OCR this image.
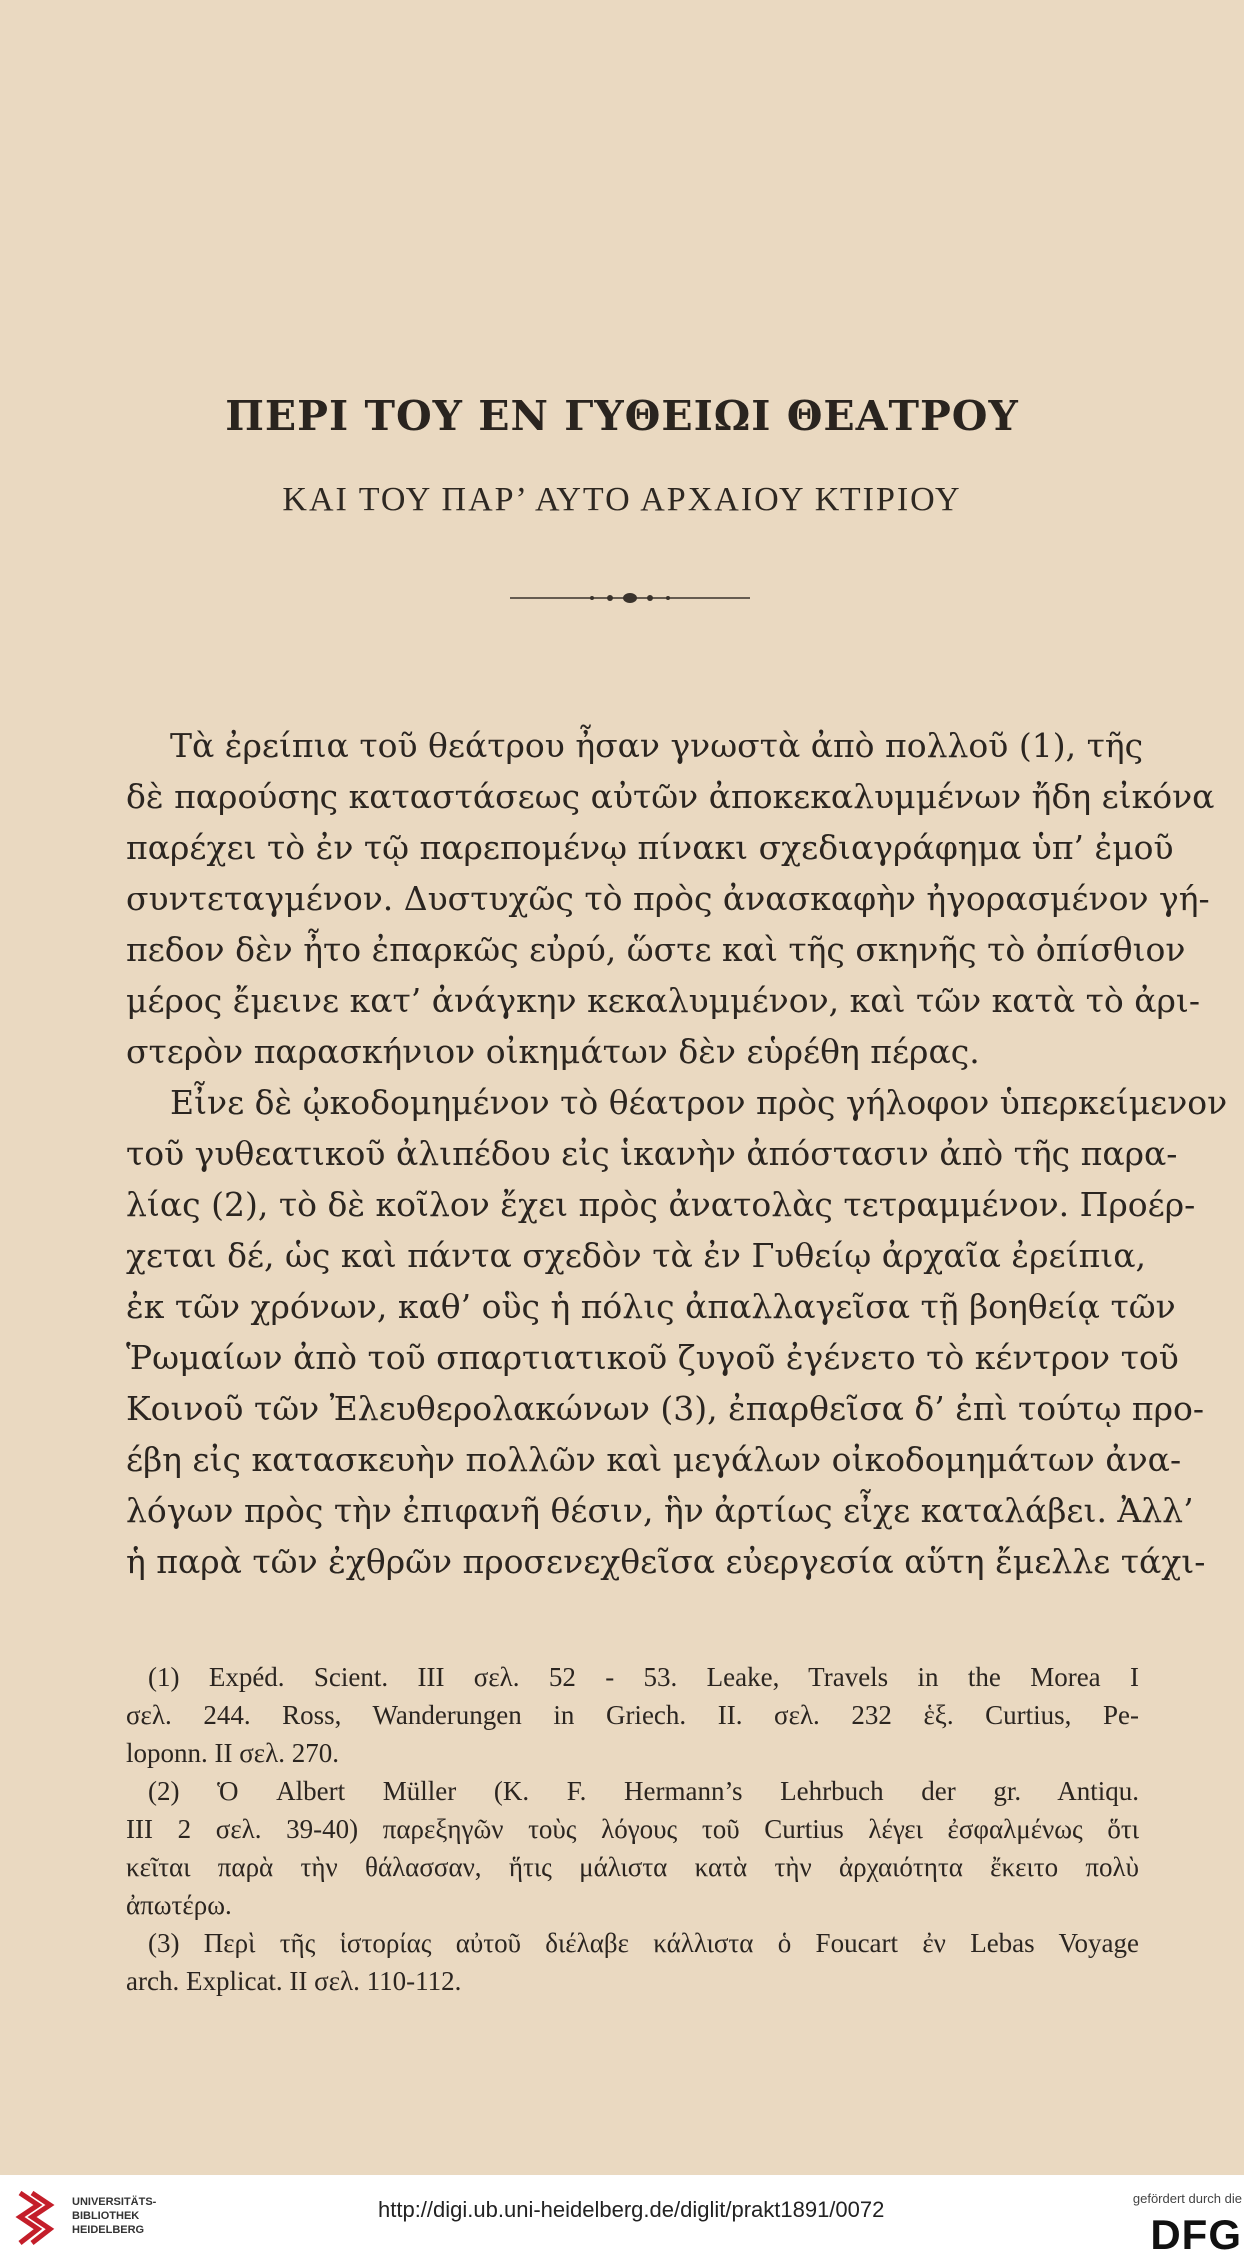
ΠΕΡΙ ΤΟΥ ΕΝ ΓΥΘΕΙΩΙ ΘΕΑΤΡΟΥ
ΚΑΙ ΤΟΥ ΠΑΡ’ ΑΥΤΟ ΑΡΧΑΙΟΥ ΚΤΙΡΙΟΥ
Τὰ ἐρείπια τοῦ θεάτρου ἦσαν γνωστὰ ἀπὸ πολλοῦ (1), τῆς
δὲ παρούσης καταστάσεως αὐτῶν ἀποκεκαλυμμένων ἤδη εἰκόνα
παρέχει τὸ ἐν τῷ παρεπομένῳ πίνακι σχεδιαγράφημα ὑπ’ ἐμοῦ
συντεταγμένον. Δυστυχῶς τὸ πρὸς ἀνασκαφὴν ἠγορασμένον γή-
πεδον δὲν ἦτο ἐπαρκῶς εὐρύ, ὥστε καὶ τῆς σκηνῆς τὸ ὀπίσθιον
μέρος ἔμεινε κατ’ ἀνάγκην κεκαλυμμένον, καὶ τῶν κατὰ τὸ ἀρι-
στερὸν παρασκήνιον οἰκημάτων δὲν εὑρέθη πέρας.
Εἶνε δὲ ᾠκοδομημένον τὸ θέατρον πρὸς γήλοφον ὑπερκείμενον
τοῦ γυθεατικοῦ ἀλιπέδου εἰς ἱκανὴν ἀπόστασιν ἀπὸ τῆς παρα-
λίας (2), τὸ δὲ κοῖλον ἔχει πρὸς ἀνατολὰς τετραμμένον. Προέρ-
χεται δέ, ὡς καὶ πάντα σχεδὸν τὰ ἐν Γυθείῳ ἀρχαῖα ἐρείπια,
ἐκ τῶν χρόνων, καθ’ οὓς ἡ πόλις ἀπαλλαγεῖσα τῇ βοηθείᾳ τῶν
Ῥωμαίων ἀπὸ τοῦ σπαρτιατικοῦ ζυγοῦ ἐγένετο τὸ κέντρον τοῦ
Κοινοῦ τῶν Ἐλευθερολακώνων (3), ἐπαρθεῖσα δ’ ἐπὶ τούτῳ προ-
έβη εἰς κατασκευὴν πολλῶν καὶ μεγάλων οἰκοδομημάτων ἀνα-
λόγων πρὸς τὴν ἐπιφανῆ θέσιν, ἣν ἀρτίως εἶχε καταλάβει. Ἀλλ’
ἡ παρὰ τῶν ἐχθρῶν προσενεχθεῖσα εὐεργεσία αὕτη ἔμελλε τάχι-
(1) Expéd. Scient. III σελ. 52 - 53. Leake, Travels in the Morea I
σελ. 244. Ross, Wanderungen in Griech. II. σελ. 232 ἑξ. Curtius, Pe-
loponn. II σελ. 270.
(2) Ὁ Albert Müller (K. F. Hermann’s Lehrbuch der gr. Antiqu.
III 2 σελ. 39-40) παρεξηγῶν τοὺς λόγους τοῦ Curtius λέγει ἐσφαλμένως ὅτι
κεῖται παρὰ τὴν θάλασσαν, ἥτις μάλιστα κατὰ τὴν ἀρχαιότητα ἔκειτο πολὺ
ἀπωτέρω.
(3) Περὶ τῆς ἱστορίας αὐτοῦ διέλαβε κάλλιστα ὁ Foucart ἐν Lebas Voyage
arch. Explicat. II σελ. 110-112.
UNIVERSITÄTS-
BIBLIOTHEK
HEIDELBERG
http://digi.ub.uni-heidelberg.de/diglit/prakt1891/0072	gefördert durch die
DFG
